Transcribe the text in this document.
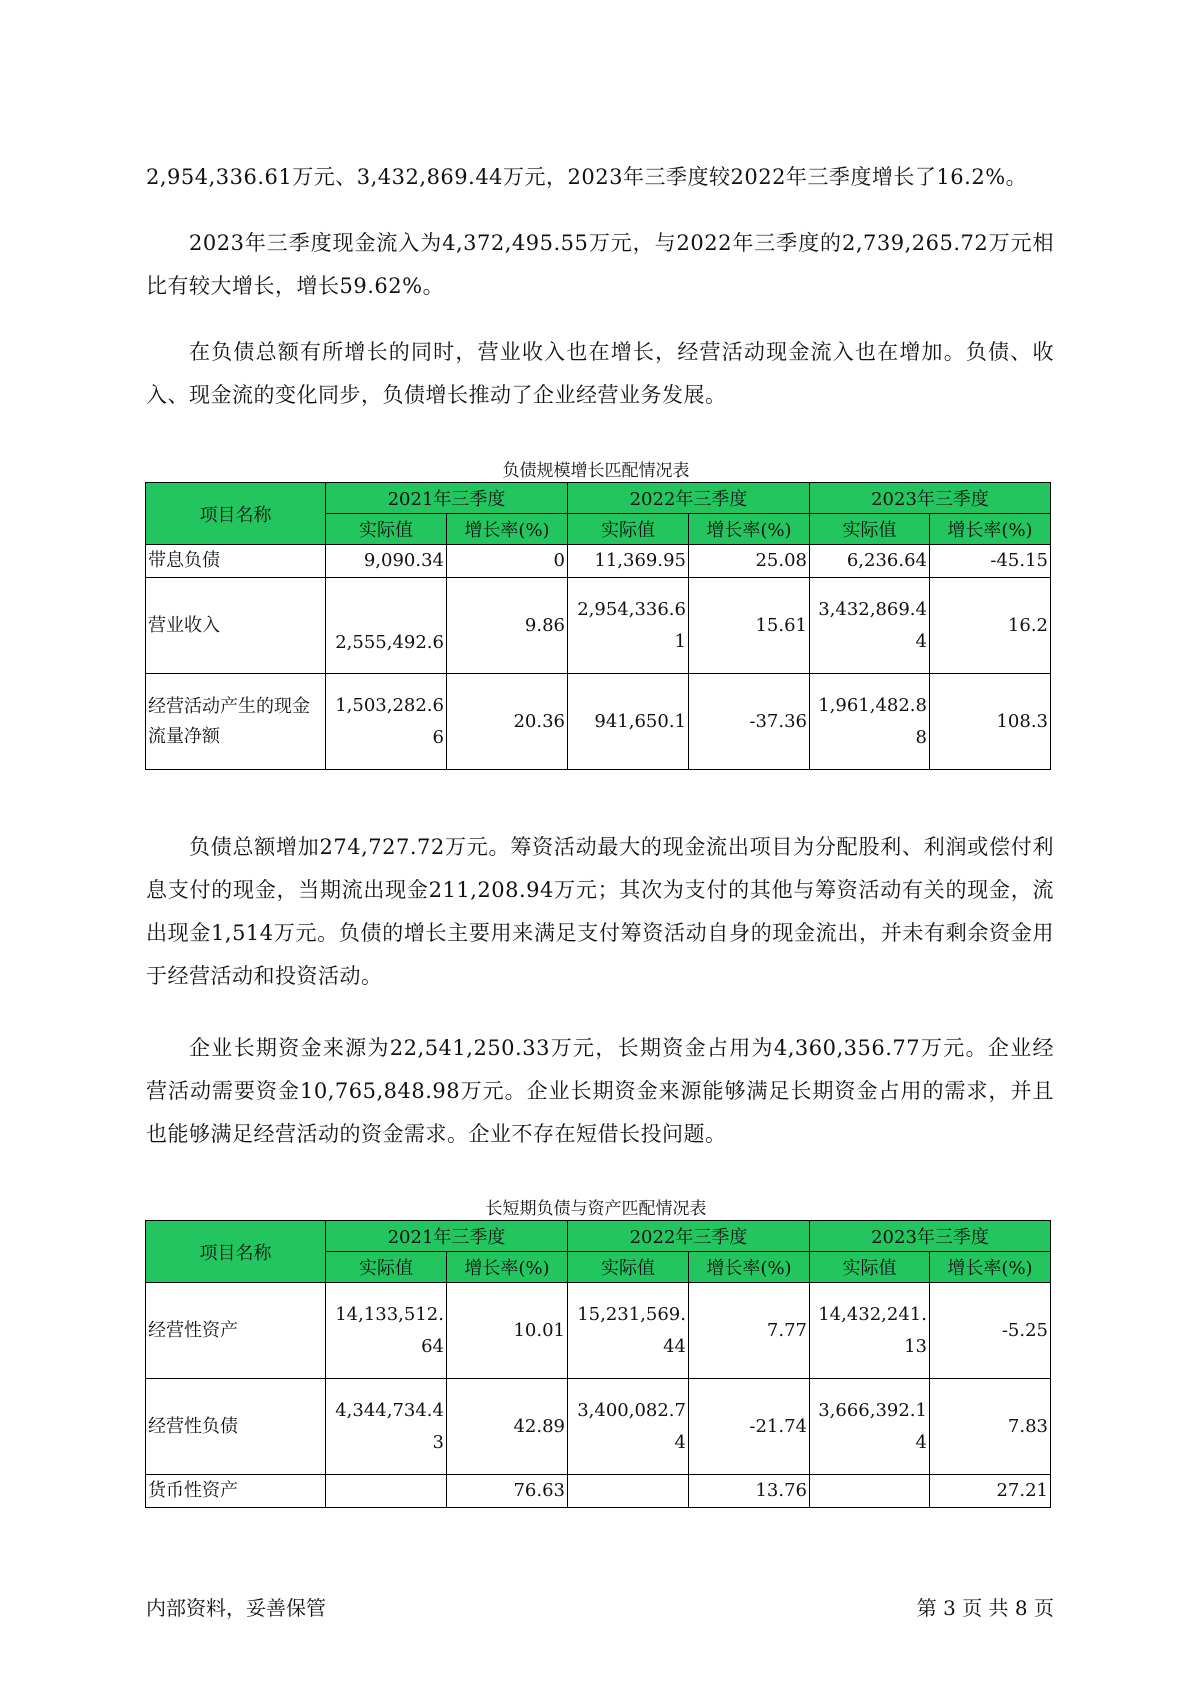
2,954,336.61万元、3,432,869.44万元，2023年三季度较2022年三季度增长了16.2%。

2023年三季度现金流入为4,372,495.55万元，与2022年三季度的2,739,265.72万元相比有较大增长，增长59.62%。

在负债总额有所增长的同时，营业收入也在增长，经营活动现金流入也在增加。负债、收入、现金流的变化同步，负债增长推动了企业经营业务发展。

负债规模增长匹配情况表

项目名称	2021年三季度		2022年三季度		2023年三季度	
	实际值	增长率(%)	实际值	增长率(%)	实际值	增长率(%)
带息负债	9,090.34	0	11,369.95	25.08	6,236.64	-45.15
营业收入	2,555,492.6	9.86	2,954,336.61	15.61	3,432,869.44	16.2
经营活动产生的现金流量净额	1,503,282.66	20.36	941,650.1	-37.36	1,961,482.88	108.3

负债总额增加274,727.72万元。筹资活动最大的现金流出项目为分配股利、利润或偿付利息支付的现金，当期流出现金211,208.94万元；其次为支付的其他与筹资活动有关的现金，流出现金1,514万元。负债的增长主要用来满足支付筹资活动自身的现金流出，并未有剩余资金用于经营活动和投资活动。

企业长期资金来源为22,541,250.33万元，长期资金占用为4,360,356.77万元。企业经营活动需要资金10,765,848.98万元。企业长期资金来源能够满足长期资金占用的需求，并且也能够满足经营活动的资金需求。企业不存在短借长投问题。

长短期负债与资产匹配情况表

项目名称	2021年三季度		2022年三季度		2023年三季度	
	实际值	增长率(%)	实际值	增长率(%)	实际值	增长率(%)
经营性资产	14,133,512.64	10.01	15,231,569.44	7.77	14,432,241.13	-5.25
经营性负债	4,344,734.43	42.89	3,400,082.74	-21.74	3,666,392.14	7.83
货币性资产		76.63		13.76		27.21
内部资料，妥善保管	第 3 页 共 8 页
